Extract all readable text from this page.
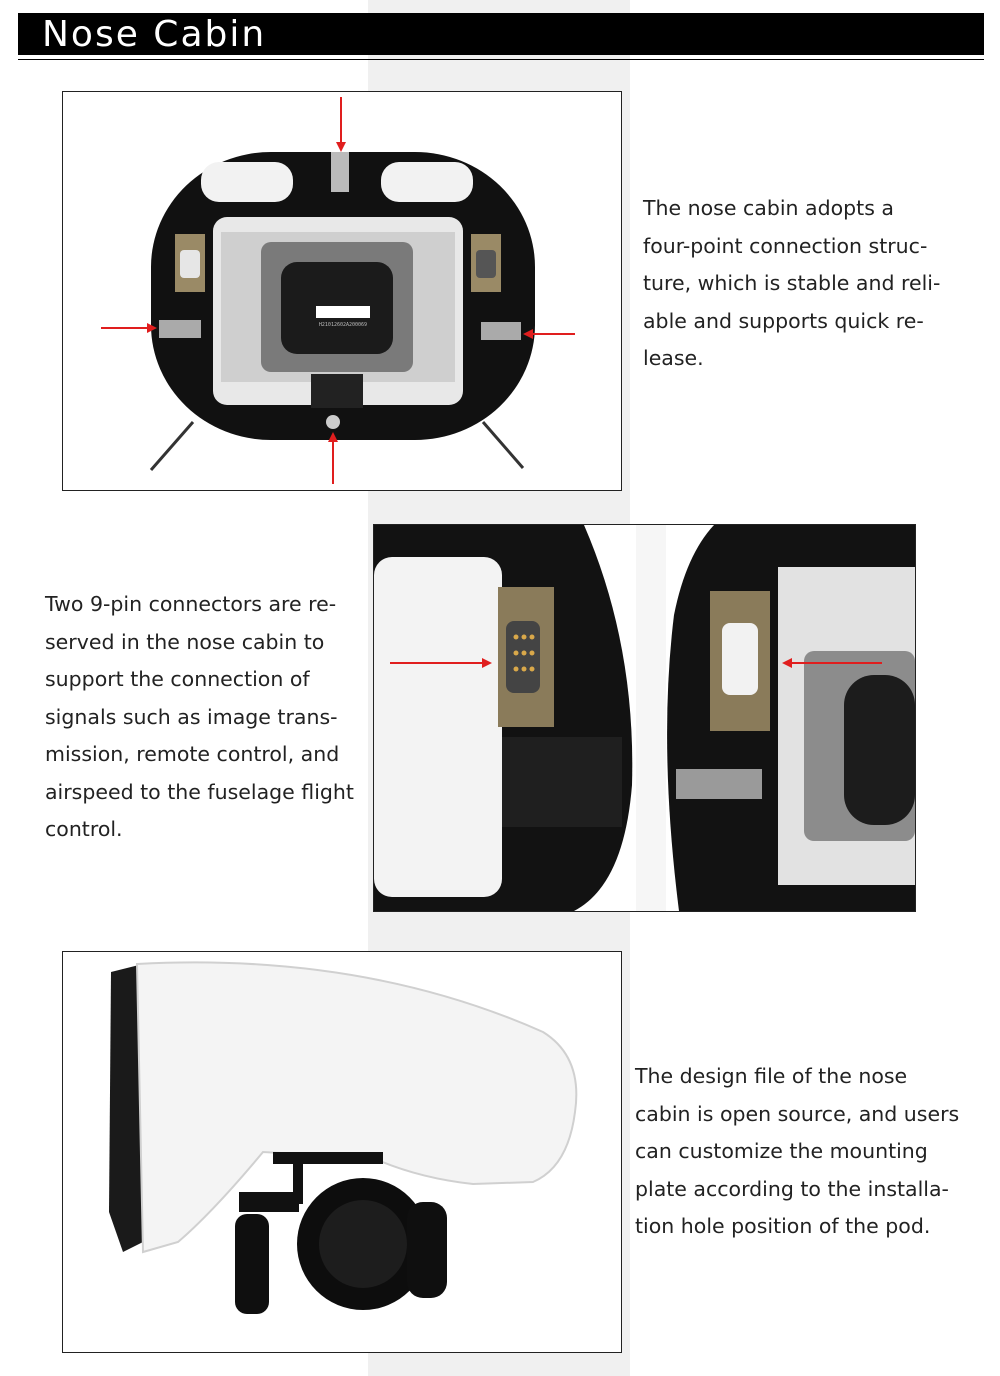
Nose Cabin
H21012602A200069
The nose cabin adopts a
four-point connection struc-
ture, which is stable and reli-
able and supports quick re-
lease.
Two 9-pin connectors are re-
served in the nose cabin to
support the connection of
signals such as image trans-
mission, remote control, and
airspeed to the fuselage flight
control.
The design file of the nose
cabin is open source, and users
can customize the mounting
plate according to the installa-
tion hole position of the pod.
